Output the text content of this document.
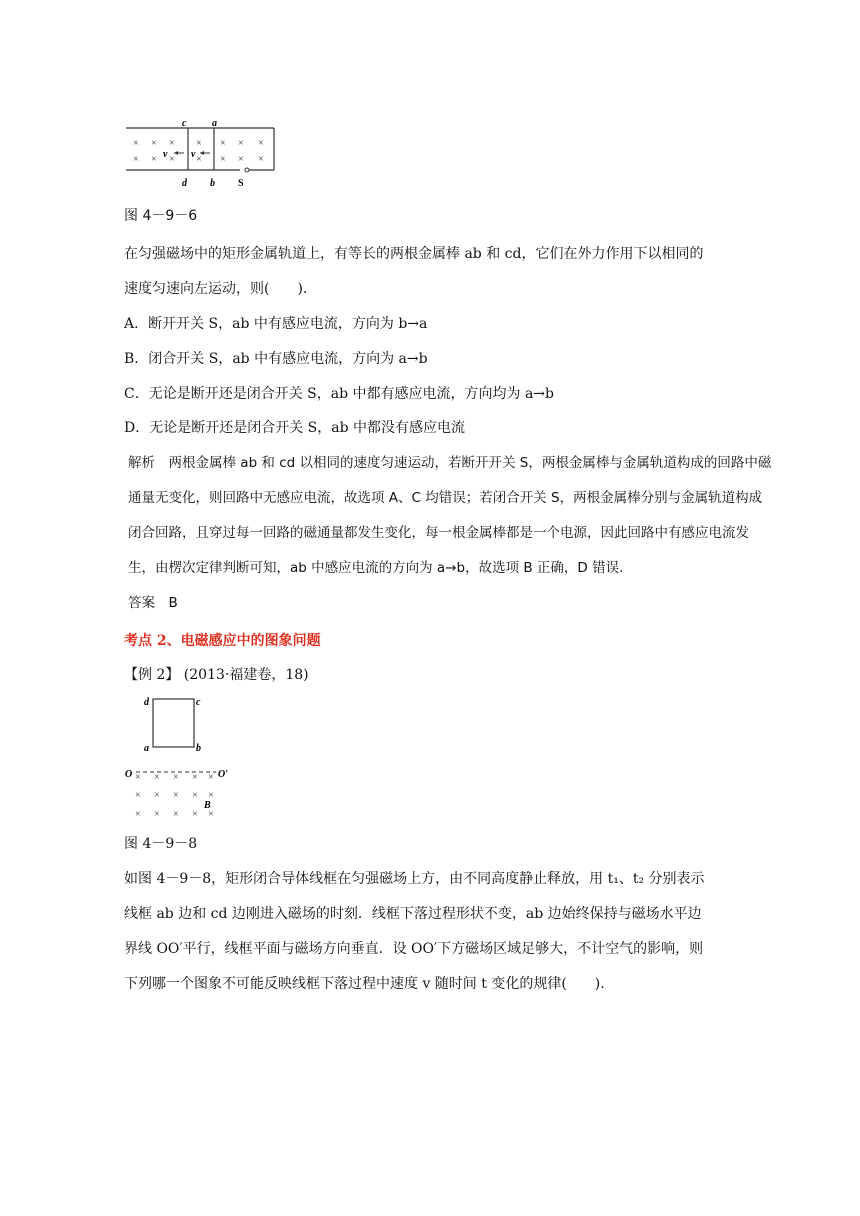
× × × × × × ×
× × × × × × ×
v v
c	a
d b S
图 4－9－6
在匀强磁场中的矩形金属轨道上，有等长的两根金属棒 ab 和 cd，它们在外力作用下以相同的
速度匀速向左运动，则(　　).
A．断开开关 S，ab 中有感应电流，方向为 b→a
B．闭合开关 S，ab 中有感应电流，方向为 a→b
C．无论是断开还是闭合开关 S，ab 中都有感应电流，方向均为 a→b
D．无论是断开还是闭合开关 S，ab 中都没有感应电流
解析　两根金属棒 ab 和 cd 以相同的速度匀速运动，若断开开关 S，两根金属棒与金属轨道构成的回路中磁
通量无变化，则回路中无感应电流，故选项 A、C 均错误；若闭合开关 S，两根金属棒分别与金属轨道构成
闭合回路，且穿过每一回路的磁通量都发生变化，每一根金属棒都是一个电源，因此回路中有感应电流发
生，由楞次定律判断可知，ab 中感应电流的方向为 a→b，故选项 B 正确，D 错误.
答案　B
考点 2、电磁感应中的图象问题
【例 2】 (2013·福建卷，18)
d	c
a	b
O	O′
× × × × ×
× × × × ×
× × × × ×
B
图 4－9－8
如图 4－9－8，矩形闭合导体线框在匀强磁场上方，由不同高度静止释放，用 t₁、t₂ 分别表示
线框 ab 边和 cd 边刚进入磁场的时刻．线框下落过程形状不变，ab 边始终保持与磁场水平边
界线 OO′平行，线框平面与磁场方向垂直．设 OO′下方磁场区域足够大，不计空气的影响，则
下列哪一个图象不可能反映线框下落过程中速度 v 随时间 t 变化的规律(　　).
